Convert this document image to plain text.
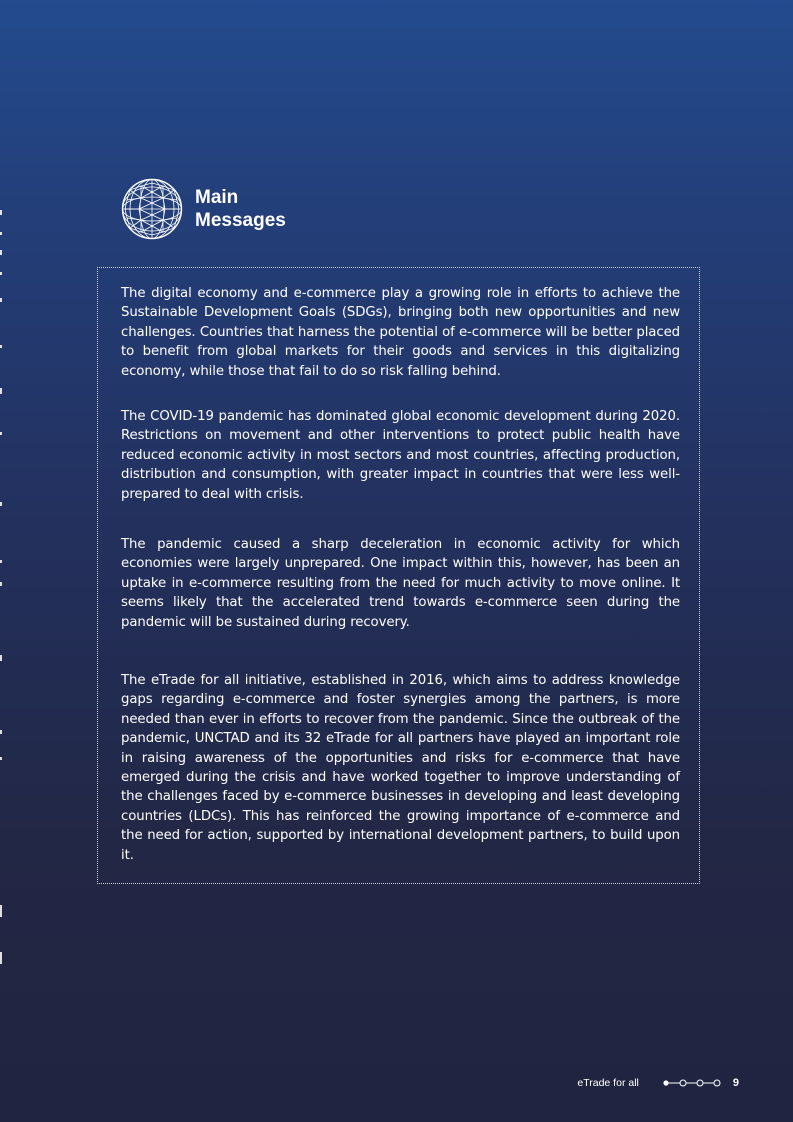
Main
Messages

The digital economy and e-commerce play a growing role in efforts to achieve the Sustainable Development Goals (SDGs), bringing both new opportunities and new challenges. Countries that harness the potential of e-commerce will be better placed to benefit from global markets for their goods and services in this digitalizing economy, while those that fail to do so risk falling behind.

The COVID-19 pandemic has dominated global economic development during 2020. Restrictions on movement and other interventions to protect public health have reduced economic activity in most sectors and most countries, affecting production, distribution and consumption, with greater impact in countries that were less well-prepared to deal with crisis.

The pandemic caused a sharp deceleration in economic activity for which economies were largely unprepared. One impact within this, however, has been an uptake in e-commerce resulting from the need for much activity to move online. It seems likely that the accelerated trend towards e-commerce seen during the pandemic will be sustained during recovery.

The eTrade for all initiative, established in 2016, which aims to address knowledge gaps regarding e-commerce and foster synergies among the partners, is more needed than ever in efforts to recover from the pandemic. Since the outbreak of the pandemic, UNCTAD and its 32 eTrade for all partners have played an important role in raising awareness of the opportunities and risks for e-commerce that have emerged during the crisis and have worked together to improve understanding of the challenges faced by e-commerce businesses in developing and least developing countries (LDCs). This has reinforced the growing importance of e-commerce and the need for action, supported by international development partners, to build upon it.

eTrade for all	9
